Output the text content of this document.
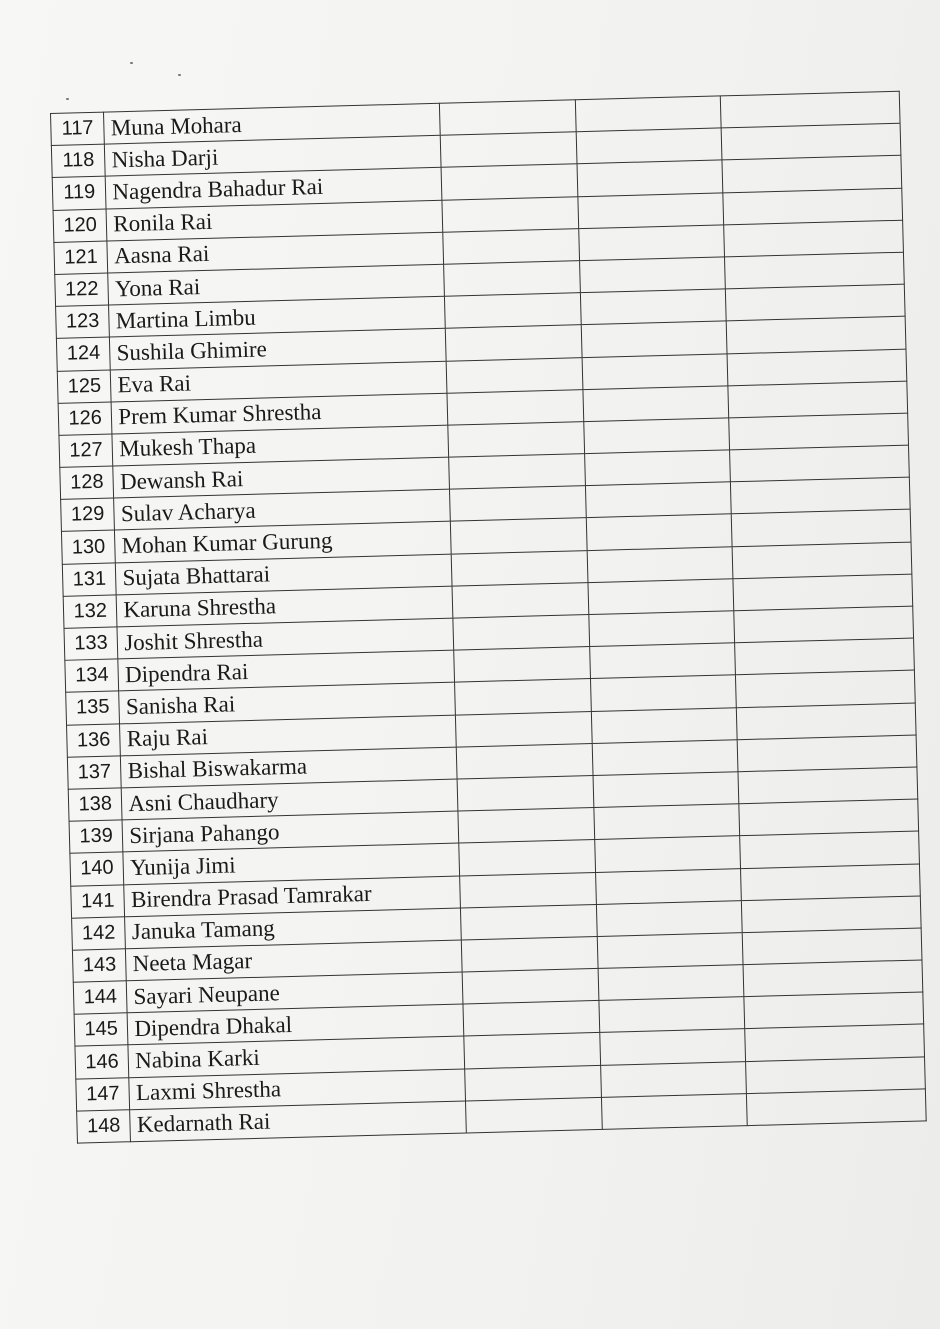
117	Muna Mohara			
118	Nisha Darji			
119	Nagendra Bahadur Rai			
120	Ronila Rai			
121	Aasna Rai			
122	Yona Rai			
123	Martina Limbu			
124	Sushila Ghimire			
125	Eva Rai			
126	Prem Kumar Shrestha			
127	Mukesh Thapa			
128	Dewansh Rai			
129	Sulav Acharya			
130	Mohan Kumar Gurung			
131	Sujata Bhattarai			
132	Karuna Shrestha			
133	Joshit Shrestha			
134	Dipendra Rai			
135	Sanisha Rai			
136	Raju Rai			
137	Bishal Biswakarma			
138	Asni Chaudhary			
139	Sirjana Pahango			
140	Yunija Jimi			
141	Birendra Prasad Tamrakar			
142	Januka Tamang			
143	Neeta Magar			
144	Sayari Neupane			
145	Dipendra Dhakal			
146	Nabina Karki			
147	Laxmi Shrestha			
148	Kedarnath Rai			
